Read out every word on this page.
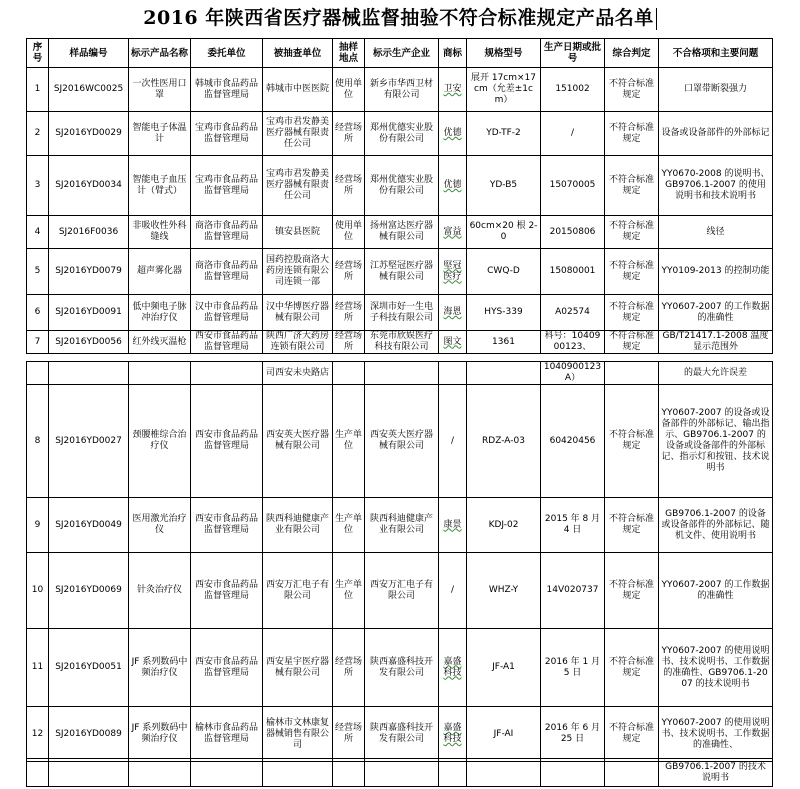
2016 年陕西省医疗器械监督抽验不符合标准规定产品名单
序号	样品编号	标示产品名称	委托单位	被抽查单位	抽样地点	标示生产企业	商标	规格型号	生产日期或批号	综合判定	不合格项和主要问题
1	SJ2016WC0025	一次性医用口罩	韩城市食品药品监督管理局	韩城市中医医院	使用单位	新乡市华西卫材有限公司	卫安	展开 17cm×17cm（允差±1cm）	151002	不符合标准规定	口罩带断裂强力
2	SJ2016YD0029	智能电子体温计	宝鸡市食品药品监督管理局	宝鸡市君发静美医疗器械有限责任公司	经营场所	郑州优德实业股份有限公司	优德	YD-TF-2	/	不符合标准规定	设备或设备部件的外部标记
3	SJ2016YD0034	智能电子血压计（臂式）	宝鸡市食品药品监督管理局	宝鸡市君发静美医疗器械有限责任公司	经营场所	郑州优德实业股份有限公司	优德	YD-B5	15070005	不符合标准规定	YY0670-2008 的说明书、GB9706.1-2007 的使用说明书和技术说明书
4	SJ2016F0036	非吸收性外科缝线	商洛市食品药品监督管理局	镇安县医院	使用单位	扬州富达医疗器械有限公司	富益	60cm×20 根 2-0	20150806	不符合标准规定	线径
5	SJ2016YD0079	超声雾化器	商洛市食品药品监督管理局	国药控股商洛大药房连锁有限公司连锁一部	经营场所	江苏堅冠医疗器械有限公司	堅冠医疗	CWQ-D	15080001	不符合标准规定	YY0109-2013 的控制功能
6	SJ2016YD0091	低中频电子脉冲治疗仪	汉中市食品药品监督管理局	汉中华博医疗器械有限公司	经营场所	深圳市好一生电子科技有限公司	海恩	HYS-339	A02574	不符合标准规定	YY0607-2007 的工作数据的准确性
7	SJ2016YD0056	红外线灭温枪	西安市食品药品监督管理局	陕西广济大药房连锁有限公司	经营场所	东莞市欣娱医疗科技有限公司	图文	1361	科号：1040900123、	不符合标准规定	GB/T21417.1-2008 温度显示范围外
				司西安未央路店					1040900123A）		的最大允许误差
8	SJ2016YD0027	颈腰椎综合治疗仪	西安市食品药品监督管理局	西安英大医疗器械有限公司	生产单位	西安英大医疗器械有限公司	/	RDZ-A-03	60420456	不符合标准规定	YY0607-2007 的设备或设备部件的外部标记、输出指示、GB9706.1-2007 的设备或设备部件的外部标记、指示灯和按钮、技术说明书
9	SJ2016YD0049	医用激光治疗仪	西安市食品药品监督管理局	陕西科迪健康产业有限公司	生产单位	陕西科迪健康产业有限公司	康景	KDJ-02	2015 年 8 月 4 日	不符合标准规定	GB9706.1-2007 的设备或设备部件的外部标记、随机文件、使用说明书
10	SJ2016YD0069	针灸治疗仪	西安市食品药品监督管理局	西安万汇电子有限公司	生产单位	西安万汇电子有限公司	/	WHZ-Y	14V020737	不符合标准规定	YY0607-2007 的工作数据的准确性
11	SJ2016YD0051	JF 系列数码中频治疗仪	西安市食品药品监督管理局	西安星宇医疗器械有限公司	经营场所	陕西嘉盛科技开发有限公司	嘉盛科技	JF-A1	2016 年 1 月 5 日	不符合标准规定	YY0607-2007 的使用说明书、技术说明书、工作数据的准确性、GB9706.1-2007 的技术说明书
12	SJ2016YD0089	JF 系列数码中频治疗仪	榆林市食品药品监督管理局	榆林市文林康复器械销售有限公司	经营场所	陕西嘉盛科技开发有限公司	嘉盛科技	JF-AI	2016 年 6 月 25 日	不符合标准规定	YY0607-2007 的使用说明书、技术说明书、工作数据的准确性、
											GB9706.1-2007 的技术说明书
